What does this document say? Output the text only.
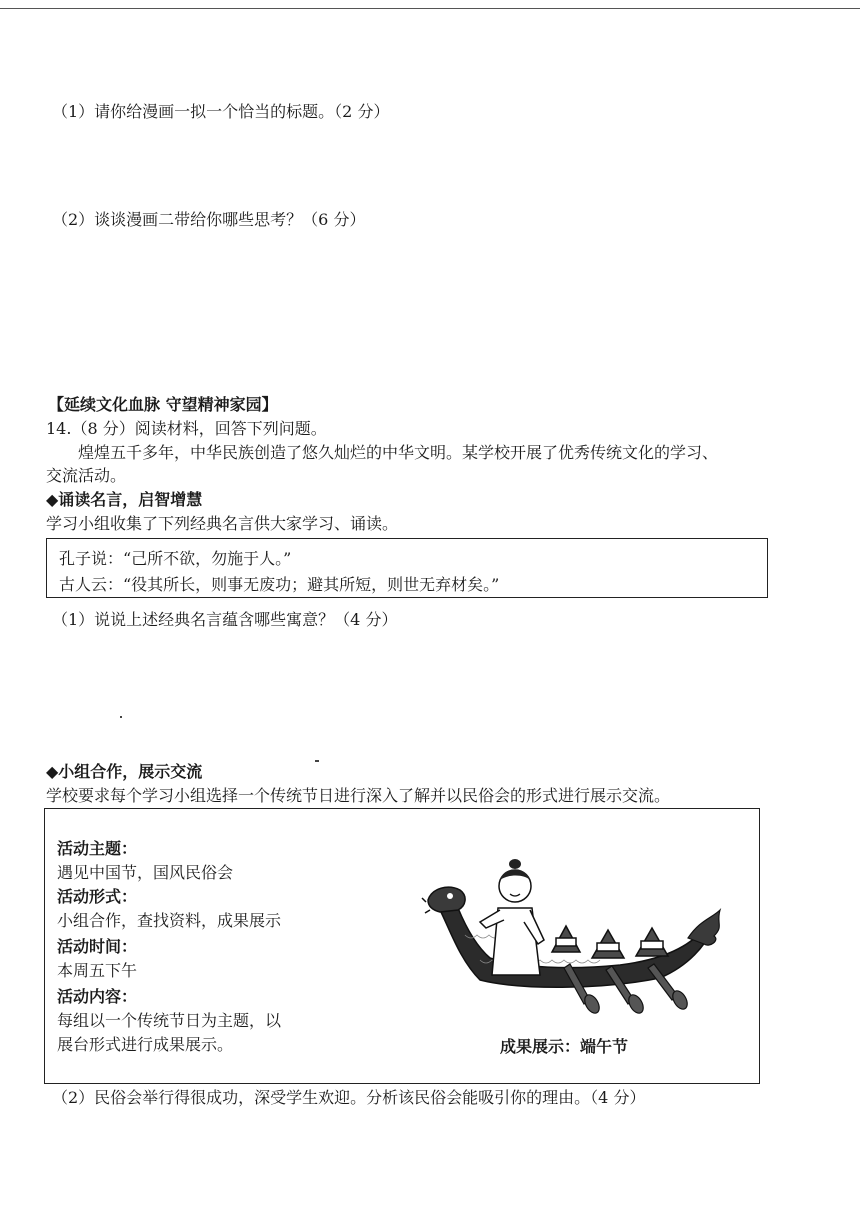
（1）请你给漫画一拟一个恰当的标题。（2 分）
（2）谈谈漫画二带给你哪些思考？（6 分）
【延续文化血脉 守望精神家园】
14.（8 分）阅读材料，回答下列问题。
煌煌五千多年，中华民族创造了悠久灿烂的中华文明。某学校开展了优秀传统文化的学习、
交流活动。
◆诵读名言，启智增慧
学习小组收集了下列经典名言供大家学习、诵读。
孔子说：“己所不欲，勿施于人。”
古人云：“役其所长，则事无废功；避其所短，则世无弃材矣。”
（1）说说上述经典名言蕴含哪些寓意？（4 分）
◆小组合作，展示交流
学校要求每个学习小组选择一个传统节日进行深入了解并以民俗会的形式进行展示交流。
活动主题：
遇见中国节，国风民俗会
活动形式：
小组合作，查找资料，成果展示
活动时间：
本周五下午
活动内容：
每组以一个传统节日为主题，以
展台形式进行成果展示。	成果展示：端午节
（2）民俗会举行得很成功，深受学生欢迎。分析该民俗会能吸引你的理由。（4 分）
